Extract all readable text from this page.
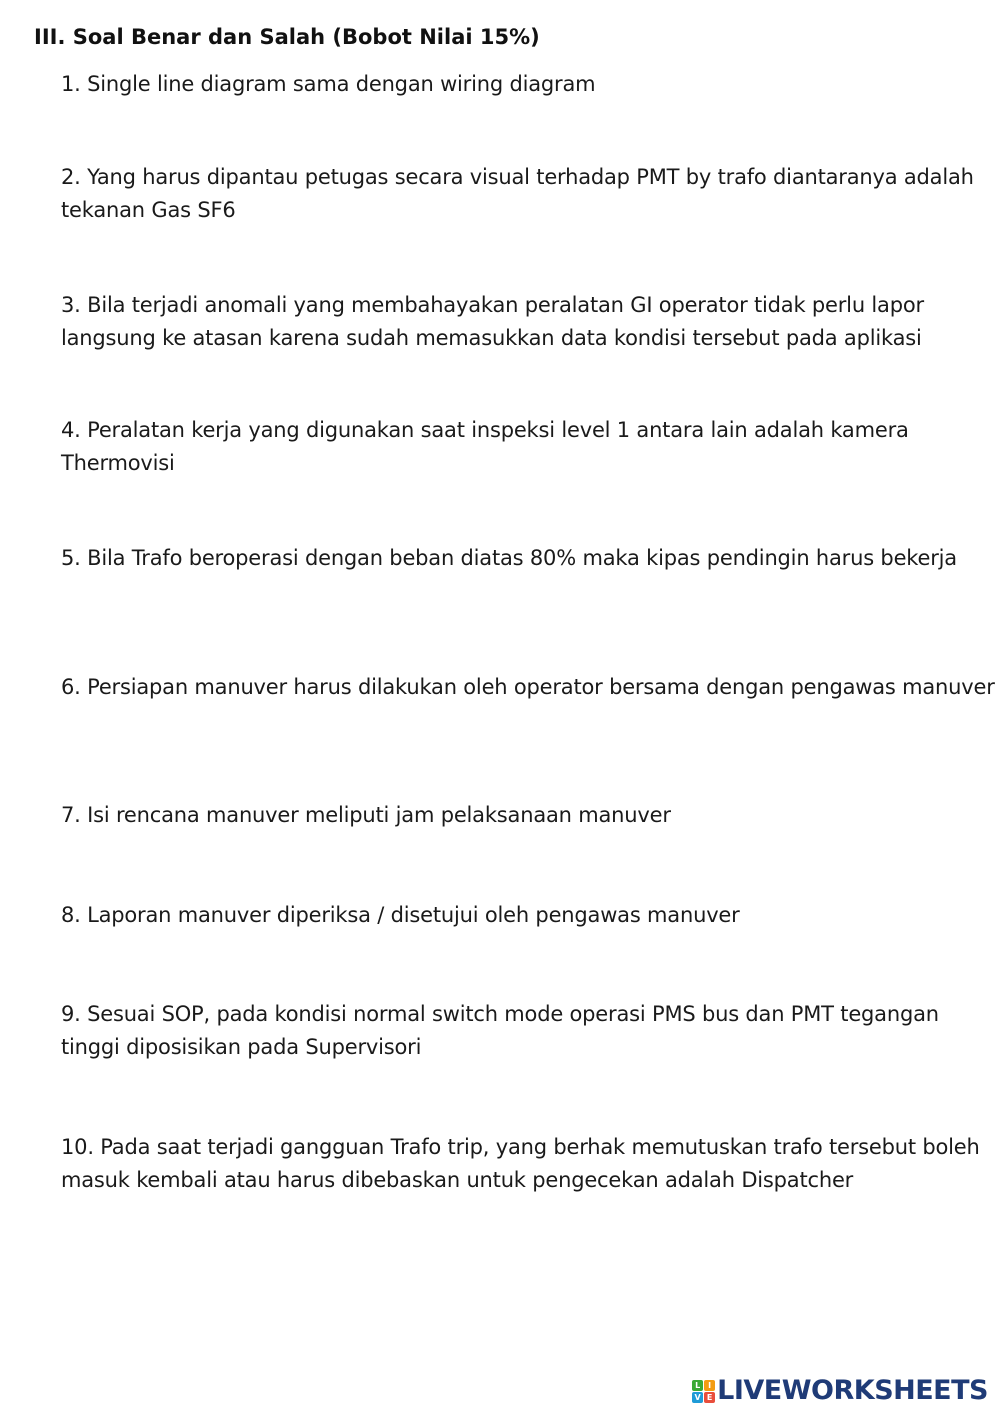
III. Soal Benar dan Salah (Bobot Nilai 15%)

1. Single line diagram sama dengan wiring diagram

2. Yang harus dipantau petugas secara visual terhadap PMT by trafo diantaranya adalah tekanan Gas SF6

3. Bila terjadi anomali yang membahayakan peralatan GI operator tidak perlu lapor langsung ke atasan karena sudah memasukkan data kondisi tersebut pada aplikasi

4. Peralatan kerja yang digunakan saat inspeksi level 1 antara lain adalah kamera Thermovisi

5. Bila Trafo beroperasi dengan beban diatas 80% maka kipas pendingin harus bekerja

6. Persiapan manuver harus dilakukan oleh operator bersama dengan pengawas manuver

7. Isi rencana manuver meliputi jam pelaksanaan manuver

8. Laporan manuver diperiksa / disetujui oleh pengawas manuver

9. Sesuai SOP, pada kondisi normal switch mode operasi PMS bus dan PMT tegangan tinggi diposisikan pada Supervisori

10. Pada saat terjadi gangguan Trafo trip, yang berhak memutuskan trafo tersebut boleh masuk kembali atau harus dibebaskan untuk pengecekan adalah Dispatcher

L I
V E LIVEWORKSHEETS
